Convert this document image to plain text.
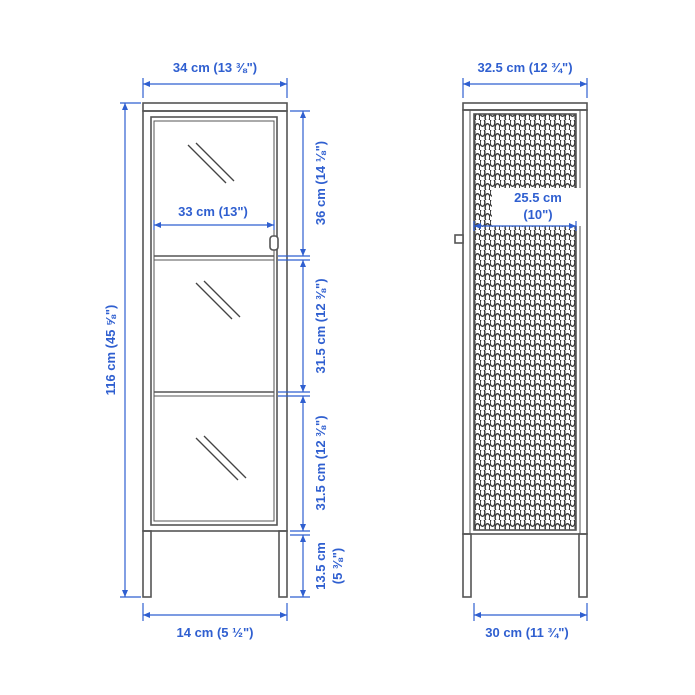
34 cm (13 ⅜")
33 cm (13")
116 cm (45 ⅝")
36 cm (14 ⅛")
31.5 cm (12 ⅜")
31.5 cm (12 ⅜")
13.5 cm (5 ⅜")
14 cm (5 ½")
32.5 cm (12 ¾")
25.5 cm
(10")
30 cm (11 ¾")
